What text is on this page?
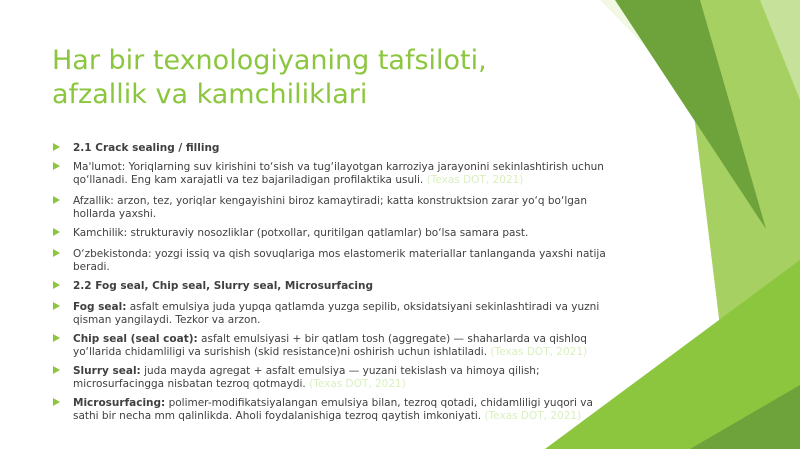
Har bir texnologiyaning tafsiloti,
afzallik va kamchiliklari
2.1 Crack sealing / filling
Ma'lumot: Yoriqlarning suv kirishini to‘sish va tug‘ilayotgan karroziya jarayonini sekinlashtirish uchun qo‘llanadi. Eng kam xarajatli va tez bajariladigan profilaktika usuli. (Texas DOT, 2021)
Afzallik: arzon, tez, yoriqlar kengayishini biroz kamaytiradi; katta konstruktsion zarar yo‘q bo‘lgan hollarda yaxshi.
Kamchilik: strukturaviy nosozliklar (potxollar, quritilgan qatlamlar) bo‘lsa samara past.
O‘zbekistonda: yozgi issiq va qish sovuqlariga mos elastomerik materiallar tanlanganda yaxshi natija beradi.
2.2 Fog seal, Chip seal, Slurry seal, Microsurfacing
Fog seal: asfalt emulsiya juda yupqa qatlamda yuzga sepilib, oksidatsiyani sekinlashtiradi va yuzni qisman yangilaydi. Tezkor va arzon.
Chip seal (seal coat): asfalt emulsiyasi + bir qatlam tosh (aggregate) — shaharlarda va qishloq yo‘llarida chidamliligi va surishish (skid resistance)ni oshirish uchun ishlatiladi. (Texas DOT, 2021)
Slurry seal: juda mayda agregat + asfalt emulsiya — yuzani tekislash va himoya qilish; microsurfacingga nisbatan tezroq qotmaydi. (Texas DOT, 2021)
Microsurfacing: polimer-modifikatsiyalangan emulsiya bilan, tezroq qotadi, chidamliligi yuqori va sathi bir necha mm qalinlikda. Aholi foydalanishiga tezroq qaytish imkoniyati. (Texas DOT, 2021)
